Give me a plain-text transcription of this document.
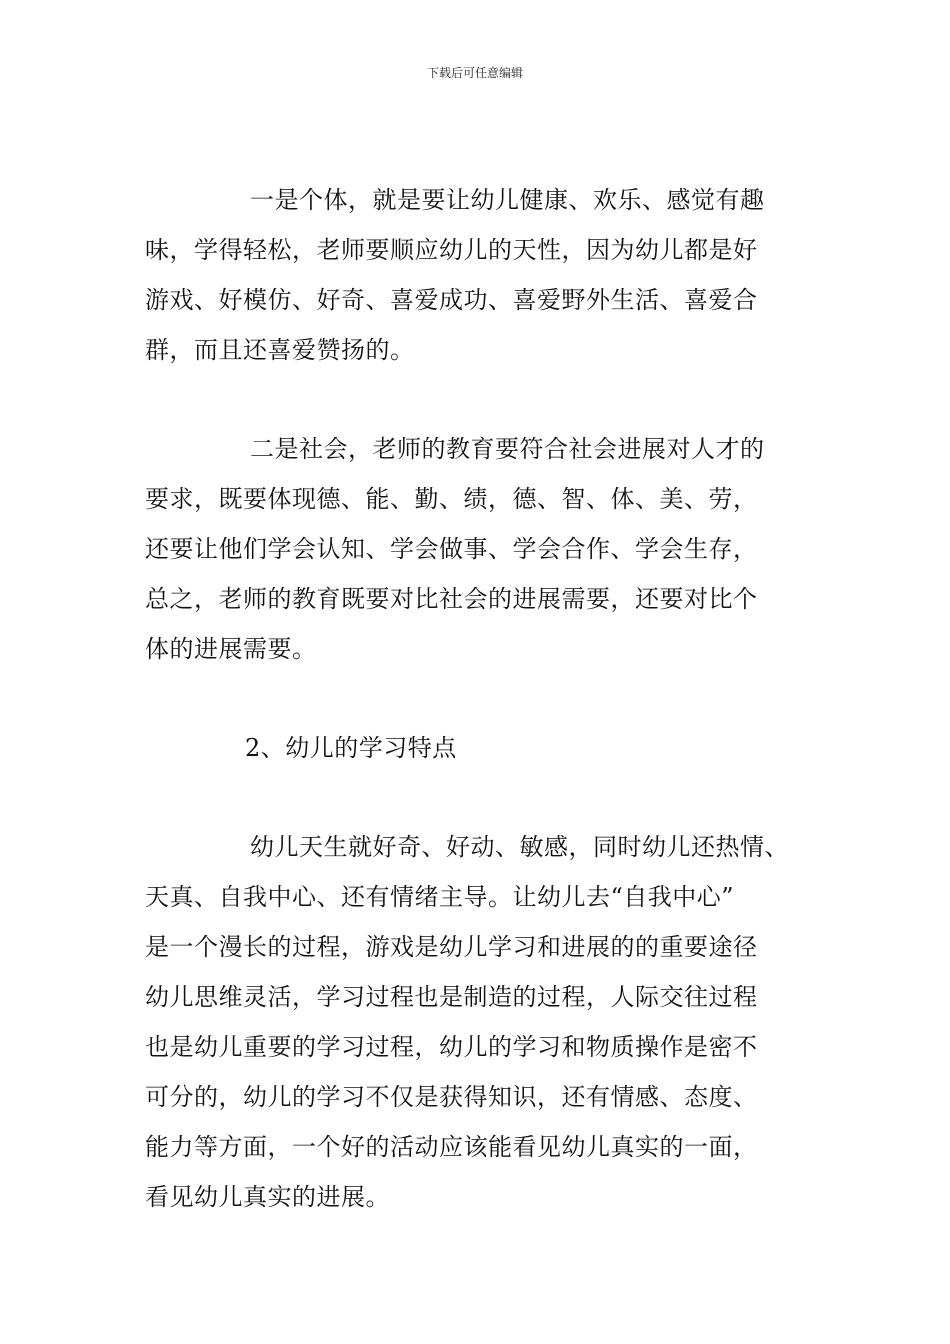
下载后可任意编辑
一是个体，就是要让幼儿健康、欢乐、感觉有趣
味，学得轻松，老师要顺应幼儿的天性，因为幼儿都是好
游戏、好模仿、好奇、喜爱成功、喜爱野外生活、喜爱合
群，而且还喜爱赞扬的。
二是社会，老师的教育要符合社会进展对人才的
要求，既要体现德、能、勤、绩，德、智、体、美、劳，
还要让他们学会认知、学会做事、学会合作、学会生存，
总之，老师的教育既要对比社会的进展需要，还要对比个
体的进展需要。
2、幼儿的学习特点
幼儿天生就好奇、好动、敏感，同时幼儿还热情、
天真、自我中心、还有情绪主导。让幼儿去“自我中心”
是一个漫长的过程，游戏是幼儿学习和进展的的重要途径
幼儿思维灵活，学习过程也是制造的过程，人际交往过程
也是幼儿重要的学习过程，幼儿的学习和物质操作是密不
可分的，幼儿的学习不仅是获得知识，还有情感、态度、
能力等方面，一个好的活动应该能看见幼儿真实的一面，
看见幼儿真实的进展。
